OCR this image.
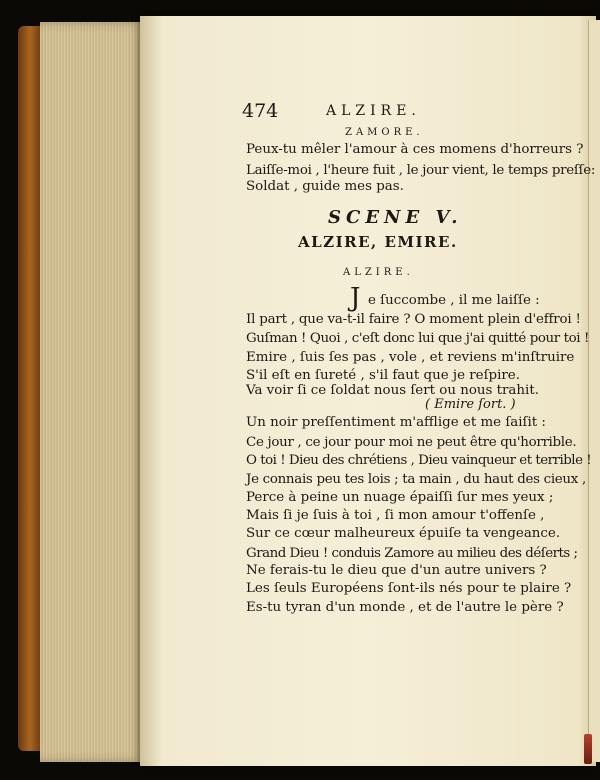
474	ALZIRE.
ZAMORE.
Peux-tu mêler l'amour à ces momens d'horreurs ?
Laiſſe-moi , l'heure fuit , le jour vient, le temps preſſe:
Soldat , guide mes pas.
SCENE V.
ALZIRE, EMIRE.
ALZIRE.
J e ſuccombe , il me laiſſe :
Il part , que va-t-il faire ? O moment plein d'effroi !
Guſman ! Quoi , c'eſt donc lui que j'ai quitté pour toi !
Emire , ſuis ſes pas , vole , et reviens m'inſtruire
S'il eſt en ſureté , s'il faut que je reſpire.
Va voir ſi ce ſoldat nous ſert ou nous trahit.
( Emire ſort. )
Un noir preſſentiment m'afflige et me ſaiſit :
Ce jour , ce jour pour moi ne peut être qu'horrible.
O toi ! Dieu des chrétiens , Dieu vainqueur et terrible !
Je connais peu tes lois ; ta main , du haut des cieux ,
Perce à peine un nuage épaiſſi ſur mes yeux ;
Mais ſi je ſuis à toi , ſi mon amour t'offenſe ,
Sur ce cœur malheureux épuiſe ta vengeance.
Grand Dieu ! conduis Zamore au milieu des déſerts ;
Ne ferais-tu le dieu que d'un autre univers ?
Les ſeuls Européens ſont-ils nés pour te plaire ?
Es-tu tyran d'un monde , et de l'autre le père ?
